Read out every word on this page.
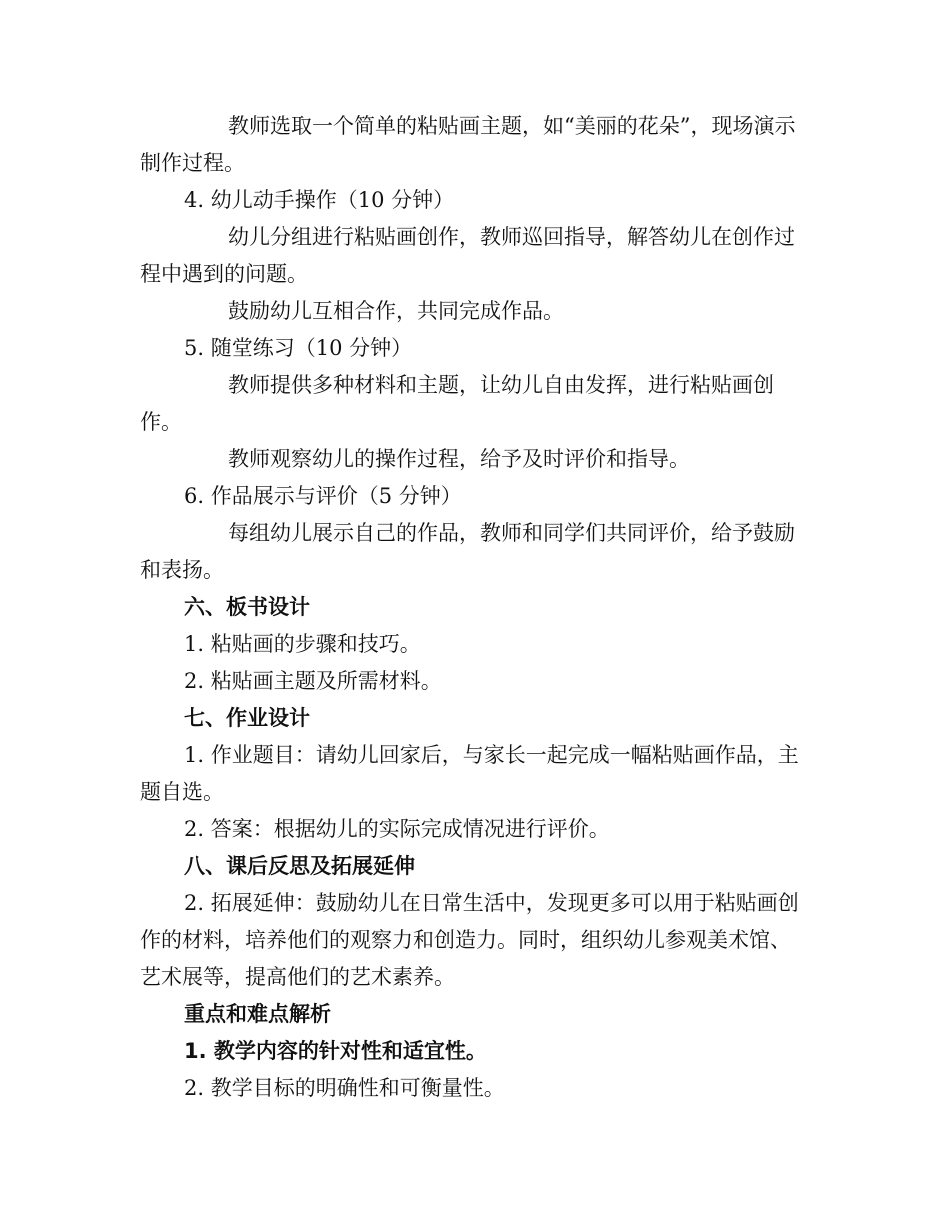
教师选取一个简单的粘贴画主题，如“美丽的花朵”，现场演示制作过程。

4. 幼儿动手操作（10 分钟）

幼儿分组进行粘贴画创作，教师巡回指导，解答幼儿在创作过程中遇到的问题。

鼓励幼儿互相合作，共同完成作品。

5. 随堂练习（10 分钟）

教师提供多种材料和主题，让幼儿自由发挥，进行粘贴画创作。

教师观察幼儿的操作过程，给予及时评价和指导。

6. 作品展示与评价（5 分钟）

每组幼儿展示自己的作品，教师和同学们共同评价，给予鼓励和表扬。

六、板书设计

1. 粘贴画的步骤和技巧。

2. 粘贴画主题及所需材料。

七、作业设计

1. 作业题目：请幼儿回家后，与家长一起完成一幅粘贴画作品，主题自选。

2. 答案：根据幼儿的实际完成情况进行评价。

八、课后反思及拓展延伸

2. 拓展延伸：鼓励幼儿在日常生活中，发现更多可以用于粘贴画创作的材料，培养他们的观察力和创造力。同时，组织幼儿参观美术馆、艺术展等，提高他们的艺术素养。

重点和难点解析

1. 教学内容的针对性和适宜性。

2. 教学目标的明确性和可衡量性。
